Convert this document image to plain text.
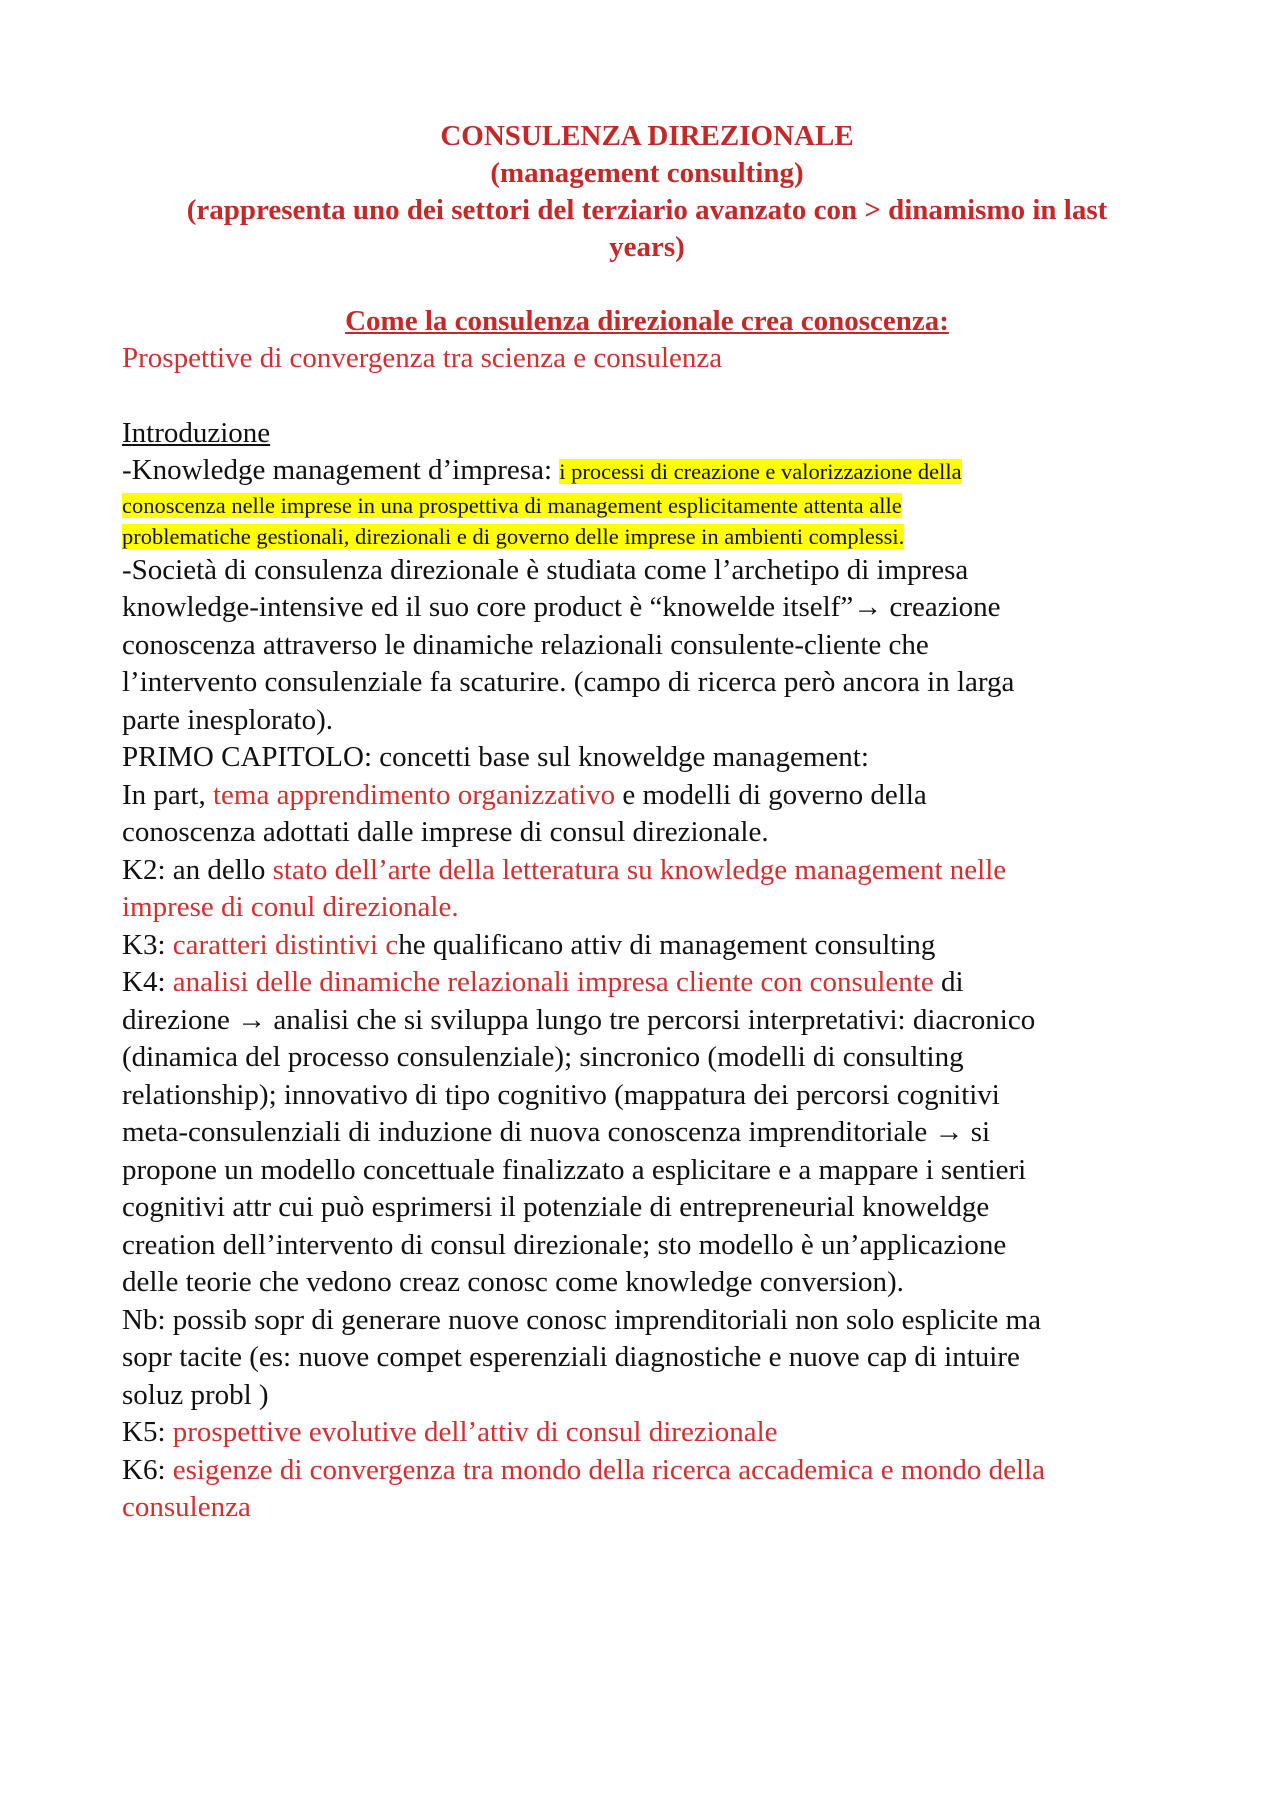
CONSULENZA DIREZIONALE

(management consulting)

(rappresenta uno dei settori del terziario avanzato con > dinamismo in last

years)

Come la consulenza direzionale crea conoscenza:

Prospettive di convergenza tra scienza e consulenza

Introduzione

-Knowledge management d’impresa: i processi di creazione e valorizzazione della

conoscenza nelle imprese in una prospettiva di management esplicitamente attenta alle
problematiche gestionali, direzionali e di governo delle imprese in ambienti complessi.

-Società di consulenza direzionale è studiata come l’archetipo di impresa

knowledge-intensive ed il suo core product è “knowelde itself”→ creazione

conoscenza attraverso le dinamiche relazionali consulente-cliente che

l’intervento consulenziale fa scaturire. (campo di ricerca però ancora in larga

parte inesplorato).

PRIMO CAPITOLO: concetti base sul knoweldge management:

In part, tema apprendimento organizzativo e modelli di governo della

conoscenza adottati dalle imprese di consul direzionale.

K2: an dello stato dell’arte della letteratura su knowledge management nelle

imprese di conul direzionale.

K3: caratteri distintivi che qualificano attiv di management consulting

K4: analisi delle dinamiche relazionali impresa cliente con consulente di

direzione → analisi che si sviluppa lungo tre percorsi interpretativi: diacronico

(dinamica del processo consulenziale); sincronico (modelli di consulting

relationship); innovativo di tipo cognitivo (mappatura dei percorsi cognitivi

meta-consulenziali di induzione di nuova conoscenza imprenditoriale → si

propone un modello concettuale finalizzato a esplicitare e a mappare i sentieri

cognitivi attr cui può esprimersi il potenziale di entrepreneurial knoweldge

creation dell’intervento di consul direzionale; sto modello è un’applicazione

delle teorie che vedono creaz conosc come knowledge conversion).

Nb: possib sopr di generare nuove conosc imprenditoriali non solo esplicite ma

sopr tacite (es: nuove compet esperenziali diagnostiche e nuove cap di intuire

soluz probl )

K5: prospettive evolutive dell’attiv di consul direzionale

K6: esigenze di convergenza tra mondo della ricerca accademica e mondo della

consulenza
